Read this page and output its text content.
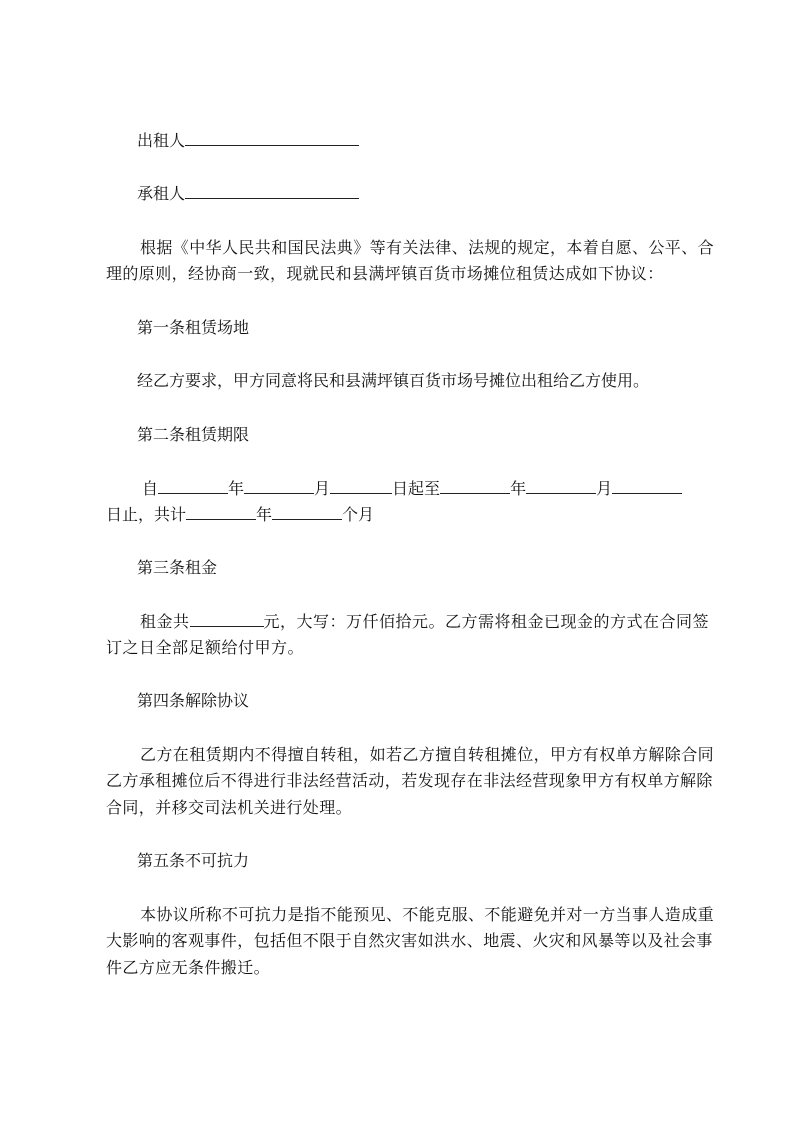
出租人
承租人
根据《中华人民共和国民法典》等有关法律、法规的规定，本着自愿、公平、合
理的原则，经协商一致，现就民和县满坪镇百货市场摊位租赁达成如下协议：
第一条租赁场地
经乙方要求，甲方同意将民和县满坪镇百货市场号摊位出租给乙方使用。
第二条租赁期限
自	年	月	日起至	年	月
日止，共计	年	个月
第三条租金
租金共	元，大写：万仟佰拾元。乙方需将租金已现金的方式在合同签
订之日全部足额给付甲方。
第四条解除协议
乙方在租赁期内不得擅自转租，如若乙方擅自转租摊位，甲方有权单方解除合同
乙方承租摊位后不得进行非法经营活动，若发现存在非法经营现象甲方有权单方解除
合同，并移交司法机关进行处理。
第五条不可抗力
本协议所称不可抗力是指不能预见、不能克服、不能避免并对一方当事人造成重
大影响的客观事件，包括但不限于自然灾害如洪水、地震、火灾和风暴等以及社会事
件乙方应无条件搬迁。
